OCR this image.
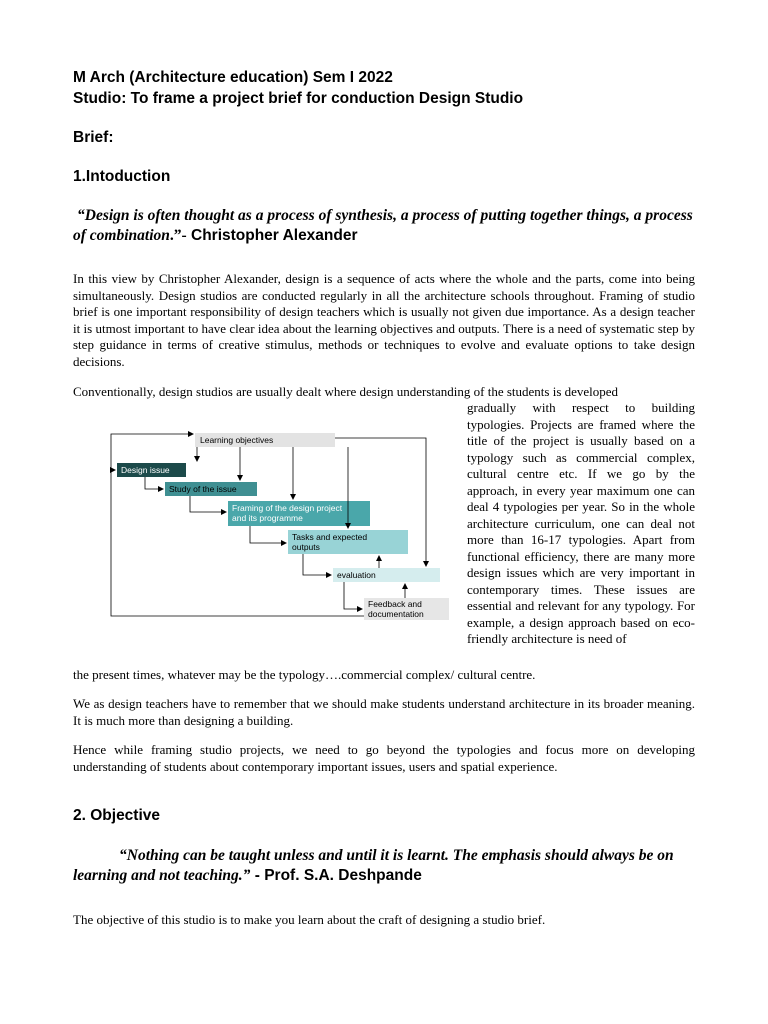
M Arch (Architecture education) Sem I 2022
Studio: To frame a project brief for conduction Design Studio
Brief:
1.Intoduction
“Design is often thought as a process of synthesis, a process of putting together things, a process of combination.”- Christopher Alexander

In this view by Christopher Alexander, design is a sequence of acts where the whole and the parts, come into being simultaneously. Design studios are conducted regularly in all the architecture schools throughout. Framing of studio brief is one important responsibility of design teachers which is usually not given due importance. As a design teacher it is utmost important to have clear idea about the learning objectives and outputs. There is a need of systematic step by step guidance in terms of creative stimulus, methods or techniques to evolve and evaluate options to take design decisions.

Conventionally, design studios are usually dealt where design understanding of the students is developed

gradually with respect to building typologies. Projects are framed where the title of the project is usually based on a typology such as commercial complex, cultural centre etc. If we go by the approach, in every year maximum one can deal 4 typologies per year. So in the whole architecture curriculum, one can deal not more than 16-17 typologies. Apart from functional efficiency, there are many more design issues which are very important in contemporary times. These issues are essential and relevant for any typology. For example, a design approach based on eco-friendly architecture is need of

the present times, whatever may be the typology….commercial complex/ cultural centre.

We as design teachers have to remember that we should make students understand architecture in its broader meaning. It is much more than designing a building.

Hence while framing studio projects, we need to go beyond the typologies and focus more on developing understanding of students about contemporary important issues, users and spatial experience.

2. Objective
“Nothing can be taught unless and until it is learnt. The emphasis should always be on learning and not teaching.” - Prof. S.A. Deshpande

The objective of this studio is to make you learn about the craft of designing a studio brief.

Learning objectives
Design issue
Study of the issue
Framing of the design project
and its programme
Tasks and expected
outputs
evaluation
Feedback and
documentation
